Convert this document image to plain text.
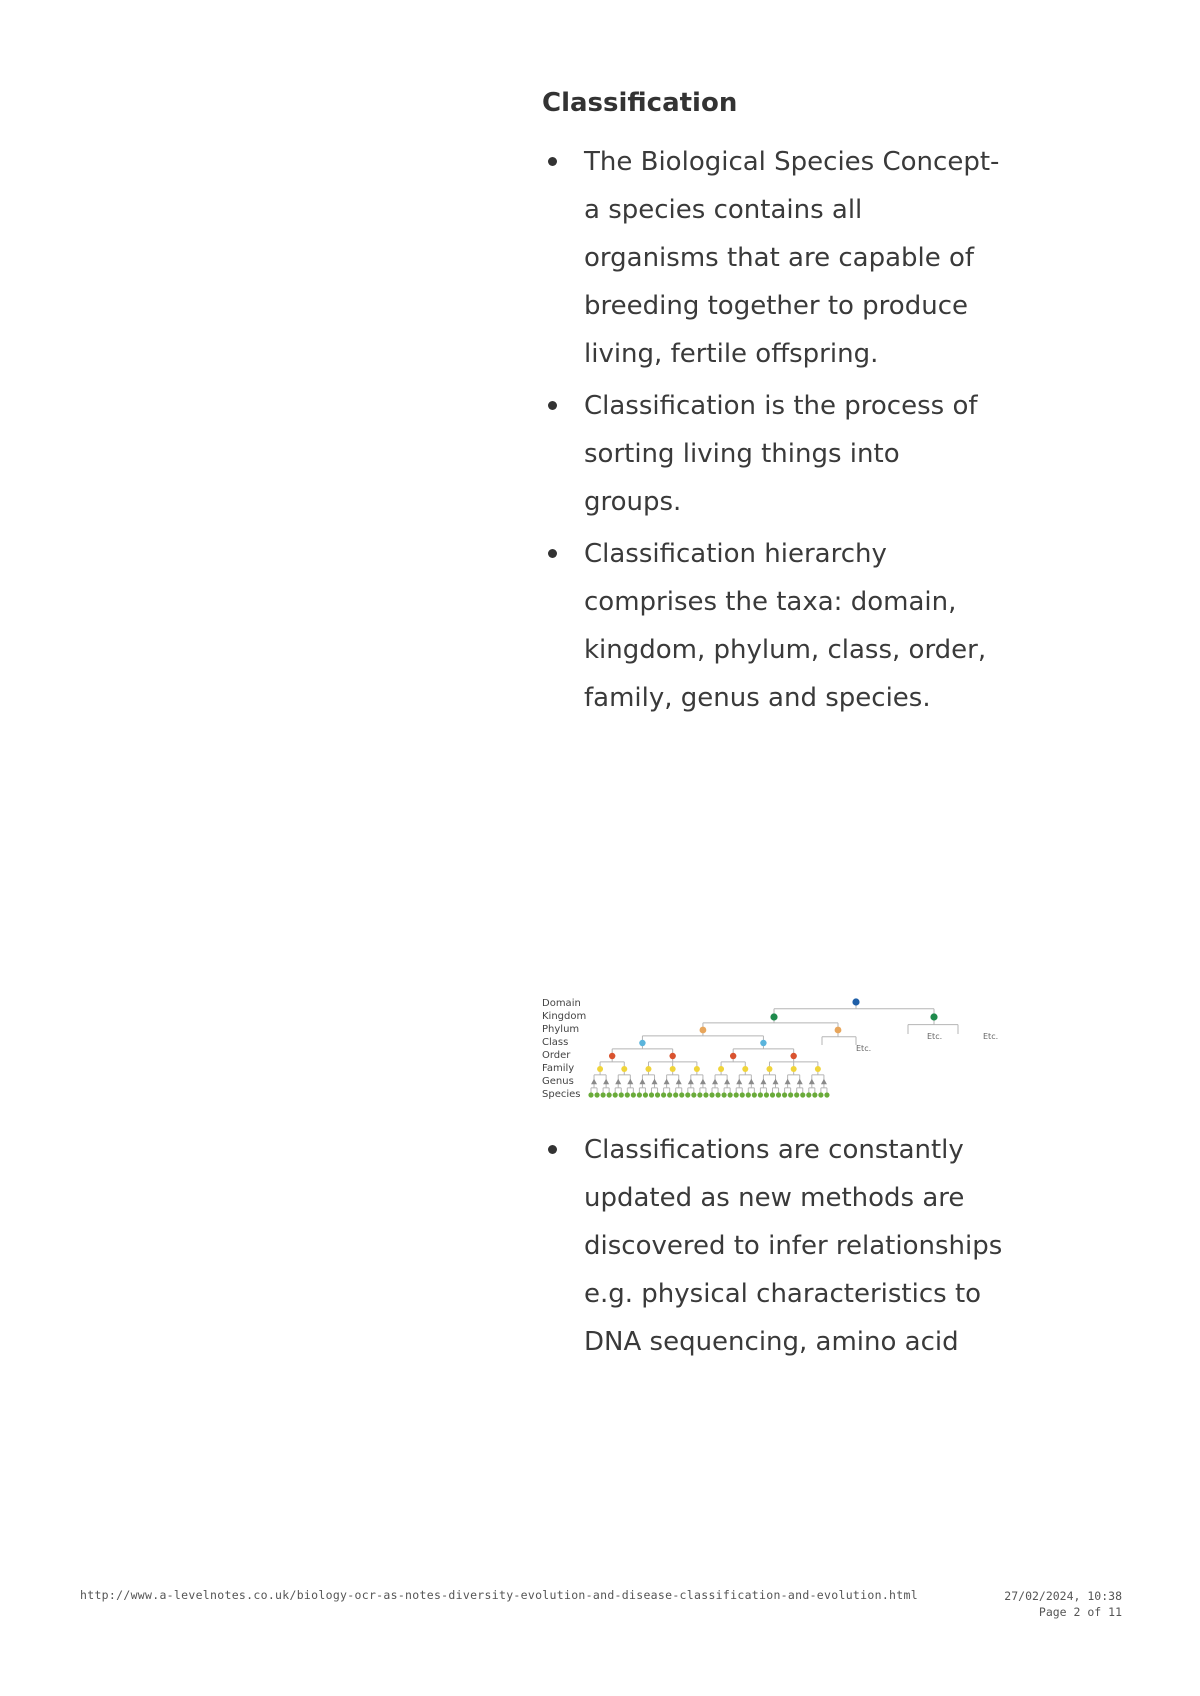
Classification
The Biological Species Concept- a species contains all organisms that are capable of breeding together to produce living, fertile offspring.
Classification is the process of sorting living things into groups.
Classification hierarchy comprises the taxa: domain, kingdom, phylum, class, order, family, genus and species.
Domain
Kingdom
Phylum
Class
Order
Family
Genus
Species
Etc.
Etc.	Etc.
Classifications are constantly updated as new methods are discovered to infer relationships e.g. physical characteristics to DNA sequencing, amino acid
http://www.a-levelnotes.co.uk/biology-ocr-as-notes-diversity-evolution-and-disease-classification-and-evolution.html	27/02/2024, 10:38
Page 2 of 11
